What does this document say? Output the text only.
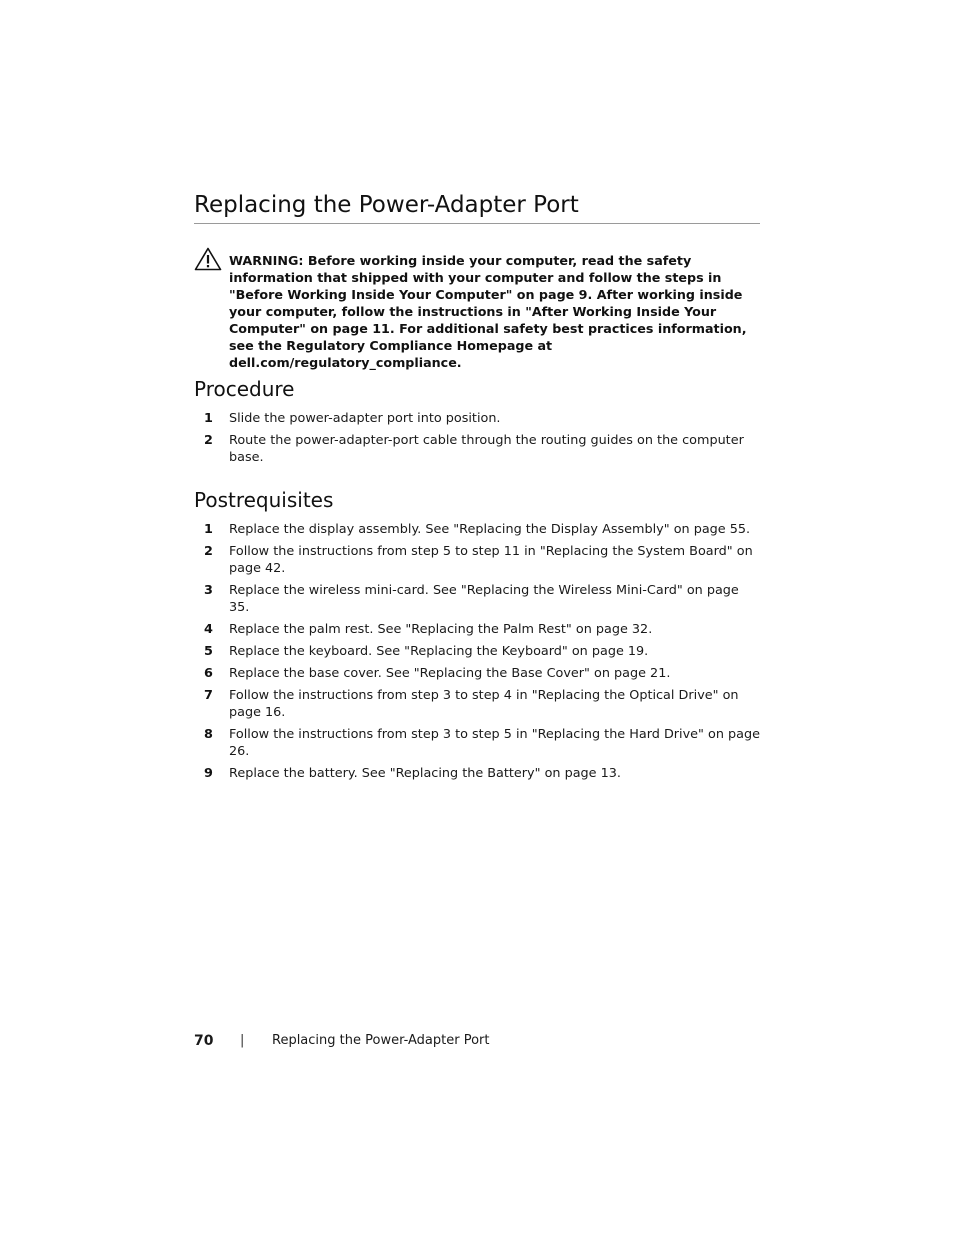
Replacing the Power-Adapter Port

WARNING: Before working inside your computer, read the safety information that shipped with your computer and follow the steps in "Before Working Inside Your Computer" on page 9. After working inside your computer, follow the instructions in "After Working Inside Your Computer" on page 11. For additional safety best practices information, see the Regulatory Compliance Homepage at dell.com/regulatory_compliance.

Procedure
1 Slide the power-adapter port into position.
2 Route the power-adapter-port cable through the routing guides on the computer base.
Postrequisites
1 Replace the display assembly. See "Replacing the Display Assembly" on page 55.
2 Follow the instructions from step 5 to step 11 in "Replacing the System Board" on page 42.
3 Replace the wireless mini-card. See "Replacing the Wireless Mini-Card" on page 35.
4 Replace the palm rest. See "Replacing the Palm Rest" on page 32.
5 Replace the keyboard. See "Replacing the Keyboard" on page 19.
6 Replace the base cover. See "Replacing the Base Cover" on page 21.
7 Follow the instructions from step 3 to step 4 in "Replacing the Optical Drive" on page 16.
8 Follow the instructions from step 3 to step 5 in "Replacing the Hard Drive" on page 26.
9 Replace the battery. See "Replacing the Battery" on page 13.
70 | Replacing the Power-Adapter Port
